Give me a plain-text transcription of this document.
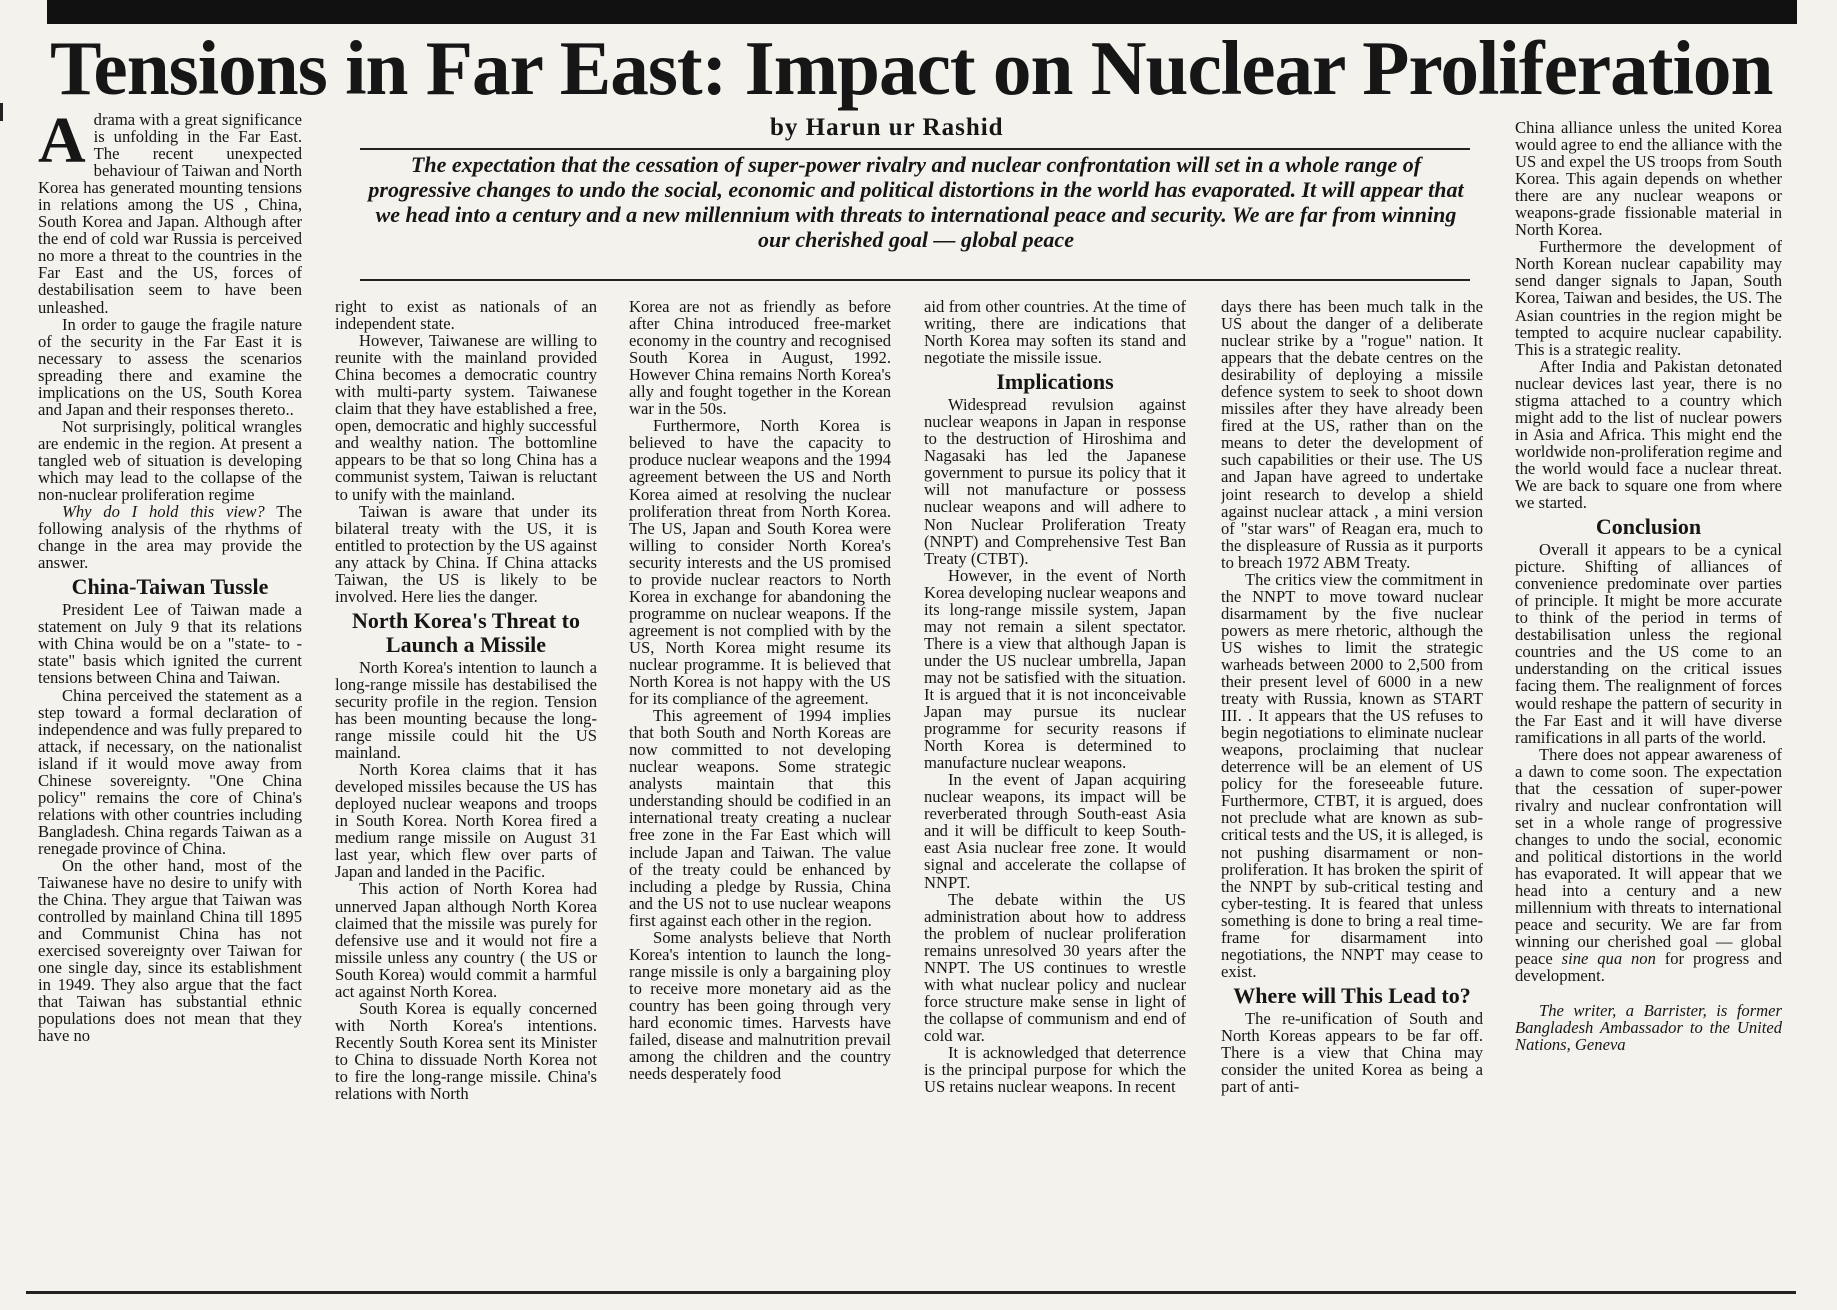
Tensions in Far East: Impact on Nuclear Proliferation
by Harun ur Rashid
The expectation that the cessation of super-power rivalry and nuclear confrontation will set in a whole range of progressive changes to undo the social, economic and political distortions in the world has evaporated. It will appear that we head into a century and a new millennium with threats to international peace and security. We are far from winning our cherished goal — global peace
A drama with a great significance is unfolding in the Far East. The recent unexpected behaviour of Taiwan and North Korea has generated mounting tensions in relations among the US , China, South Korea and Japan. Although after the end of cold war Russia is perceived no more a threat to the countries in the Far East and the US, forces of destabilisation seem to have been unleashed.

In order to gauge the fragile nature of the security in the Far East it is necessary to assess the scenarios spreading there and examine the implications on the US, South Korea and Japan and their responses thereto..

Not surprisingly, political wrangles are endemic in the region. At present a tangled web of situation is developing which may lead to the collapse of the non-nuclear proliferation regime

Why do I hold this view? The following analysis of the rhythms of change in the area may provide the answer.

China-Taiwan Tussle

President Lee of Taiwan made a statement on July 9 that its relations with China would be on a "state- to -state" basis which ignited the current tensions between China and Taiwan.

China perceived the statement as a step toward a formal declaration of independence and was fully prepared to attack, if necessary, on the nationalist island if it would move away from Chinese sovereignty. "One China policy" remains the core of China's relations with other countries including Bangladesh. China regards Taiwan as a renegade province of China.

On the other hand, most of the Taiwanese have no desire to unify with the China. They argue that Taiwan was controlled by mainland China till 1895 and Communist China has not exercised sovereignty over Taiwan for one single day, since its establishment in 1949. They also argue that the fact that Taiwan has substantial ethnic populations does not mean that they have no

right to exist as nationals of an independent state.

However, Taiwanese are willing to reunite with the mainland provided China becomes a democratic country with multi-party system. Taiwanese claim that they have established a free, open, democratic and highly successful and wealthy nation. The bottomline appears to be that so long China has a communist system, Taiwan is reluctant to unify with the mainland.

Taiwan is aware that under its bilateral treaty with the US, it is entitled to protection by the US against any attack by China. If China attacks Taiwan, the US is likely to be involved. Here lies the danger.

North Korea's Threat to Launch a Missile

North Korea's intention to launch a long-range missile has destabilised the security profile in the region. Tension has been mounting because the long-range missile could hit the US mainland.

North Korea claims that it has developed missiles because the US has deployed nuclear weapons and troops in South Korea. North Korea fired a medium range missile on August 31 last year, which flew over parts of Japan and landed in the Pacific.

This action of North Korea had unnerved Japan although North Korea claimed that the missile was purely for defensive use and it would not fire a missile unless any country ( the US or South Korea) would commit a harmful act against North Korea.

South Korea is equally concerned with North Korea's intentions. Recently South Korea sent its Minister to China to dissuade North Korea not to fire the long-range missile. China's relations with North

Korea are not as friendly as before after China introduced free-market economy in the country and recognised South Korea in August, 1992. However China remains North Korea's ally and fought together in the Korean war in the 50s.

Furthermore, North Korea is believed to have the capacity to produce nuclear weapons and the 1994 agreement between the US and North Korea aimed at resolving the nuclear proliferation threat from North Korea. The US, Japan and South Korea were willing to consider North Korea's security interests and the US promised to provide nuclear reactors to North Korea in exchange for abandoning the programme on nuclear weapons. If the agreement is not complied with by the US, North Korea might resume its nuclear programme. It is believed that North Korea is not happy with the US for its compliance of the agreement.

This agreement of 1994 implies that both South and North Koreas are now committed to not developing nuclear weapons. Some strategic analysts maintain that this understanding should be codified in an international treaty creating a nuclear free zone in the Far East which will include Japan and Taiwan. The value of the treaty could be enhanced by including a pledge by Russia, China and the US not to use nuclear weapons first against each other in the region.

Some analysts believe that North Korea's intention to launch the long-range missile is only a bargaining ploy to receive more monetary aid as the country has been going through very hard economic times. Harvests have failed, disease and malnutrition prevail among the children and the country needs desperately food

aid from other countries. At the time of writing, there are indications that North Korea may soften its stand and negotiate the missile issue.

Implications

Widespread revulsion against nuclear weapons in Japan in response to the destruction of Hiroshima and Nagasaki has led the Japanese government to pursue its policy that it will not manufacture or possess nuclear weapons and will adhere to Non Nuclear Proliferation Treaty (NNPT) and Comprehensive Test Ban Treaty (CTBT).

However, in the event of North Korea developing nuclear weapons and its long-range missile system, Japan may not remain a silent spectator. There is a view that although Japan is under the US nuclear umbrella, Japan may not be satisfied with the situation. It is argued that it is not inconceivable Japan may pursue its nuclear programme for security reasons if North Korea is determined to manufacture nuclear weapons.

In the event of Japan acquiring nuclear weapons, its impact will be reverberated through South-east Asia and it will be difficult to keep South-east Asia nuclear free zone. It would signal and accelerate the collapse of NNPT.

The debate within the US administration about how to address the problem of nuclear proliferation remains unresolved 30 years after the NNPT. The US continues to wrestle with what nuclear policy and nuclear force structure make sense in light of the collapse of communism and end of cold war.

It is acknowledged that deterrence is the principal purpose for which the US retains nuclear weapons. In recent

days there has been much talk in the US about the danger of a deliberate nuclear strike by a "rogue" nation. It appears that the debate centres on the desirability of deploying a missile defence system to seek to shoot down missiles after they have already been fired at the US, rather than on the means to deter the development of such capabilities or their use. The US and Japan have agreed to undertake joint research to develop a shield against nuclear attack , a mini version of "star wars" of Reagan era, much to the displeasure of Russia as it purports to breach 1972 ABM Treaty.

The critics view the commitment in the NNPT to move toward nuclear disarmament by the five nuclear powers as mere rhetoric, although the US wishes to limit the strategic warheads between 2000 to 2,500 from their present level of 6000 in a new treaty with Russia, known as START III. . It appears that the US refuses to begin negotiations to eliminate nuclear weapons, proclaiming that nuclear deterrence will be an element of US policy for the foreseeable future. Furthermore, CTBT, it is argued, does not preclude what are known as sub-critical tests and the US, it is alleged, is not pushing disarmament or non-proliferation. It has broken the spirit of the NNPT by sub-critical testing and cyber-testing. It is feared that unless something is done to bring a real time-frame for disarmament into negotiations, the NNPT may cease to exist.

Where will This Lead to?

The re-unification of South and North Koreas appears to be far off. There is a view that China may consider the united Korea as being a part of anti-

China alliance unless the united Korea would agree to end the alliance with the US and expel the US troops from South Korea. This again depends on whether there are any nuclear weapons or weapons-grade fissionable material in North Korea.

Furthermore the development of North Korean nuclear capability may send danger signals to Japan, South Korea, Taiwan and besides, the US. The Asian countries in the region might be tempted to acquire nuclear capability. This is a strategic reality.

After India and Pakistan detonated nuclear devices last year, there is no stigma attached to a country which might add to the list of nuclear powers in Asia and Africa. This might end the worldwide non-proliferation regime and the world would face a nuclear threat. We are back to square one from where we started.

Conclusion

Overall it appears to be a cynical picture. Shifting of alliances of convenience predominate over parties of principle. It might be more accurate to think of the period in terms of destabilisation unless the regional countries and the US come to an understanding on the critical issues facing them. The realignment of forces would reshape the pattern of security in the Far East and it will have diverse ramifications in all parts of the world.

There does not appear awareness of a dawn to come soon. The expectation that the cessation of super-power rivalry and nuclear confrontation will set in a whole range of progressive changes to undo the social, economic and political distortions in the world has evaporated. It will appear that we head into a century and a new millennium with threats to international peace and security. We are far from winning our cherished goal — global peace sine qua non for progress and development.

The writer, a Barrister, is former Bangladesh Ambassador to the United Nations, Geneva
